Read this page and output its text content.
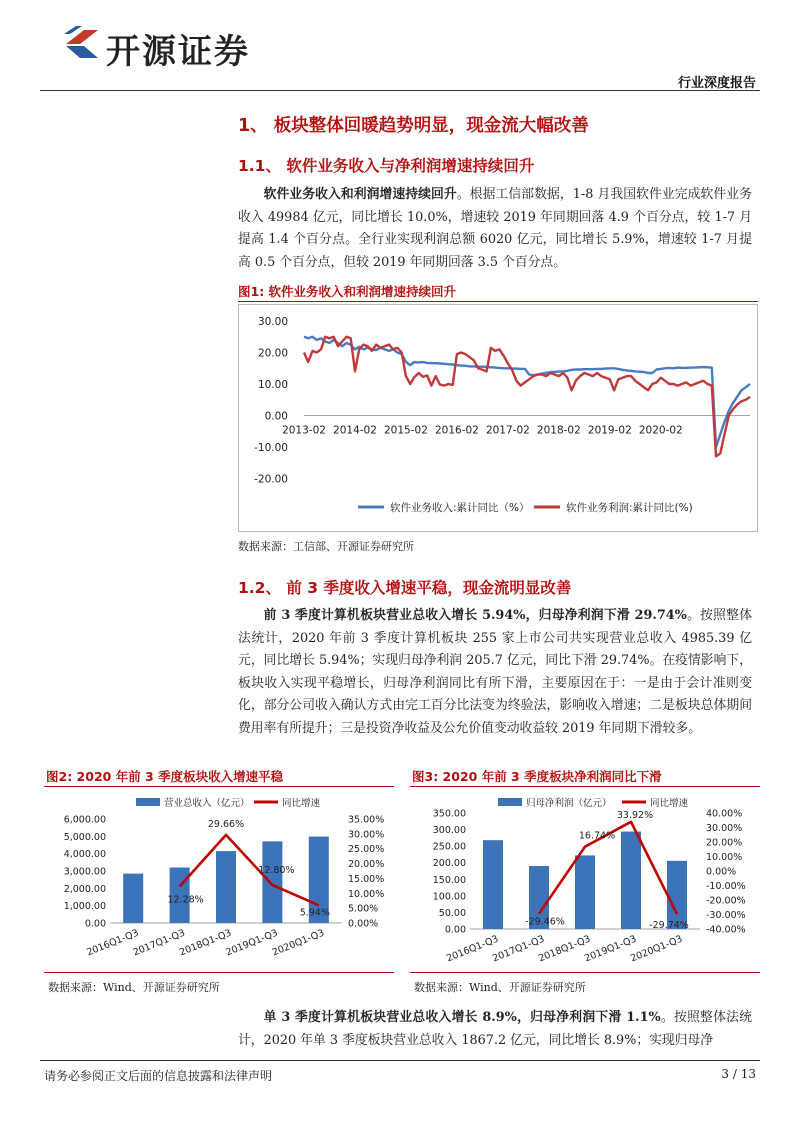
开源证券
行业深度报告
1、 板块整体回暖趋势明显，现金流大幅改善
1.1、 软件业务收入与净利润增速持续回升
软件业务收入和利润增速持续回升。根据工信部数据，1-8 月我国软件业完成软件业务收入 49984 亿元，同比增长 10.0%，增速较 2019 年同期回落 4.9 个百分点，较 1-7 月提高 1.4 个百分点。全行业实现利润总额 6020 亿元，同比增长 5.9%，增速较 1-7 月提高 0.5 个百分点，但较 2019 年同期回落 3.5 个百分点。
图1: 软件业务收入和利润增速持续回升
30.00
20.00
10.00
0.00
-10.00
-20.00
2013-02 2014-02 2015-02 2016-02 2017-02 2018-02 2019-02 2020-02
软件业务收入:累计同比（%）	软件业务利润:累计同比(%)
数据来源：工信部、开源证券研究所
1.2、 前 3 季度收入增速平稳，现金流明显改善
前 3 季度计算机板块营业总收入增长 5.94%，归母净利润下滑 29.74%。按照整体法统计，2020 年前 3 季度计算机板块 255 家上市公司共实现营业总收入 4985.39 亿元，同比增长 5.94%；实现归母净利润 205.7 亿元，同比下滑 29.74%。在疫情影响下，板块收入实现平稳增长，归母净利润同比有所下滑，主要原因在于：一是由于会计准则变化，部分公司收入确认方式由完工百分比法变为终验法，影响收入增速；二是板块总体期间费用率有所提升；三是投资净收益及公允价值变动收益较 2019 年同期下滑较多。
图2: 2020 年前 3 季度板块收入增速平稳
营业总收入（亿元）	同比增速
6,000.00
5,000.00
4,000.00
3,000.00
2,000.00
1,000.00
0.00
35.00%
30.00%
25.00%
20.00%
15.00%
10.00%
5.00%
0.00%
12.28%
29.66%
12.80%
5.94%
2016Q1-Q3
2017Q1-Q3
2018Q1-Q3
2019Q1-Q3
2020Q1-Q3
数据来源：Wind、开源证券研究所
图3: 2020 年前 3 季度板块净利润同比下滑
归母净利润（亿元）	同比增速
350.00
300.00
250.00
200.00
150.00
100.00
50.00
0.00
40.00%
30.00%
20.00%
10.00%
0.00%
-10.00%
-20.00%
-30.00%
-40.00%
-29.46%
16.74%
33.92%
-29.74%
2016Q1-Q3
2017Q1-Q3
2018Q1-Q3
2019Q1-Q3
2020Q1-Q3
数据来源：Wind、开源证券研究所
单 3 季度计算机板块营业总收入增长 8.9%，归母净利润下滑 1.1%。按照整体法统计，2020 年单 3 季度板块营业总收入 1867.2 亿元，同比增长 8.9%；实现归母净
请务必参阅正文后面的信息披露和法律声明	3 / 13
